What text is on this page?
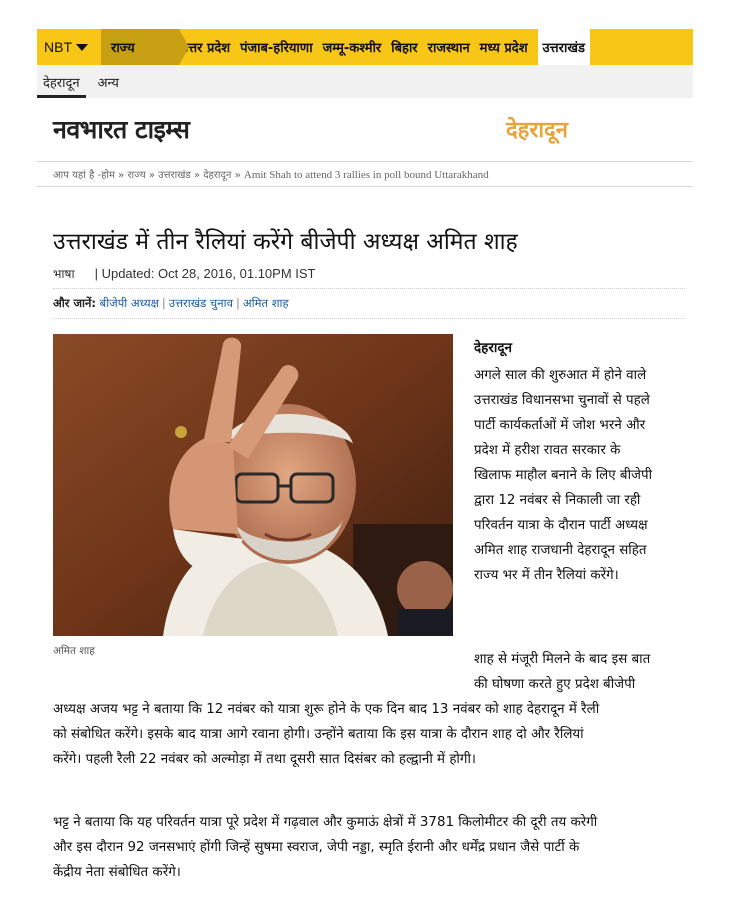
NBT	राज्य	उत्तर प्रदेश पंजाब-हरियाणा जम्मू-कश्मीर बिहार राजस्थान मध्य प्रदेश	उत्तराखंड
देहरादून	अन्य
नवभारत टाइम्स	देहरादून
आप यहां है -होम » राज्य » उत्तराखंड » देहरादून » Amit Shah to attend 3 rallies in poll bound Uttarakhand
उत्तराखंड में तीन रैलियां करेंगे बीजेपी अध्यक्ष अमित शाह
भाषा | Updated: Oct 28, 2016, 01.10PM IST
और जानें: बीजेपी अध्यक्ष | उत्तराखंड चुनाव | अमित शाह
अमित शाह
देहरादून
अगले साल की शुरुआत में होने वाले
उत्तराखंड विधानसभा चुनावों से पहले
पार्टी कार्यकर्ताओं में जोश भरने और
प्रदेश में हरीश रावत सरकार के
खिलाफ माहौल बनाने के लिए बीजेपी
द्वारा 12 नवंबर से निकाली जा रही
परिवर्तन यात्रा के दौरान पार्टी अध्यक्ष
अमित शाह राजधानी देहरादून सहित
राज्य भर में तीन रैलियां करेंगे।
शाह से मंजूरी मिलने के बाद इस बात
की घोषणा करते हुए प्रदेश बीजेपी
अध्यक्ष अजय भट्ट ने बताया कि 12 नवंबर को यात्रा शुरू होने के एक दिन बाद 13 नवंबर को शाह देहरादून में रैली
को संबोधित करेंगे। इसके बाद यात्रा आगे रवाना होगी। उन्होंने बताया कि इस यात्रा के दौरान शाह दो और रैलियां
करेंगे। पहली रैली 22 नवंबर को अल्मोड़ा में तथा दूसरी सात दिसंबर को हल्द्वानी में होगी।
भट्ट ने बताया कि यह परिवर्तन यात्रा पूरे प्रदेश में गढ़वाल और कुमाऊं क्षेत्रों में 3781 किलोमीटर की दूरी तय करेगी
और इस दौरान 92 जनसभाएं होंगी जिन्हें सुषमा स्वराज, जेपी नड्डा, स्मृति ईरानी और धर्मेंद्र प्रधान जैसे पार्टी के
केंद्रीय नेता संबोधित करेंगे।
